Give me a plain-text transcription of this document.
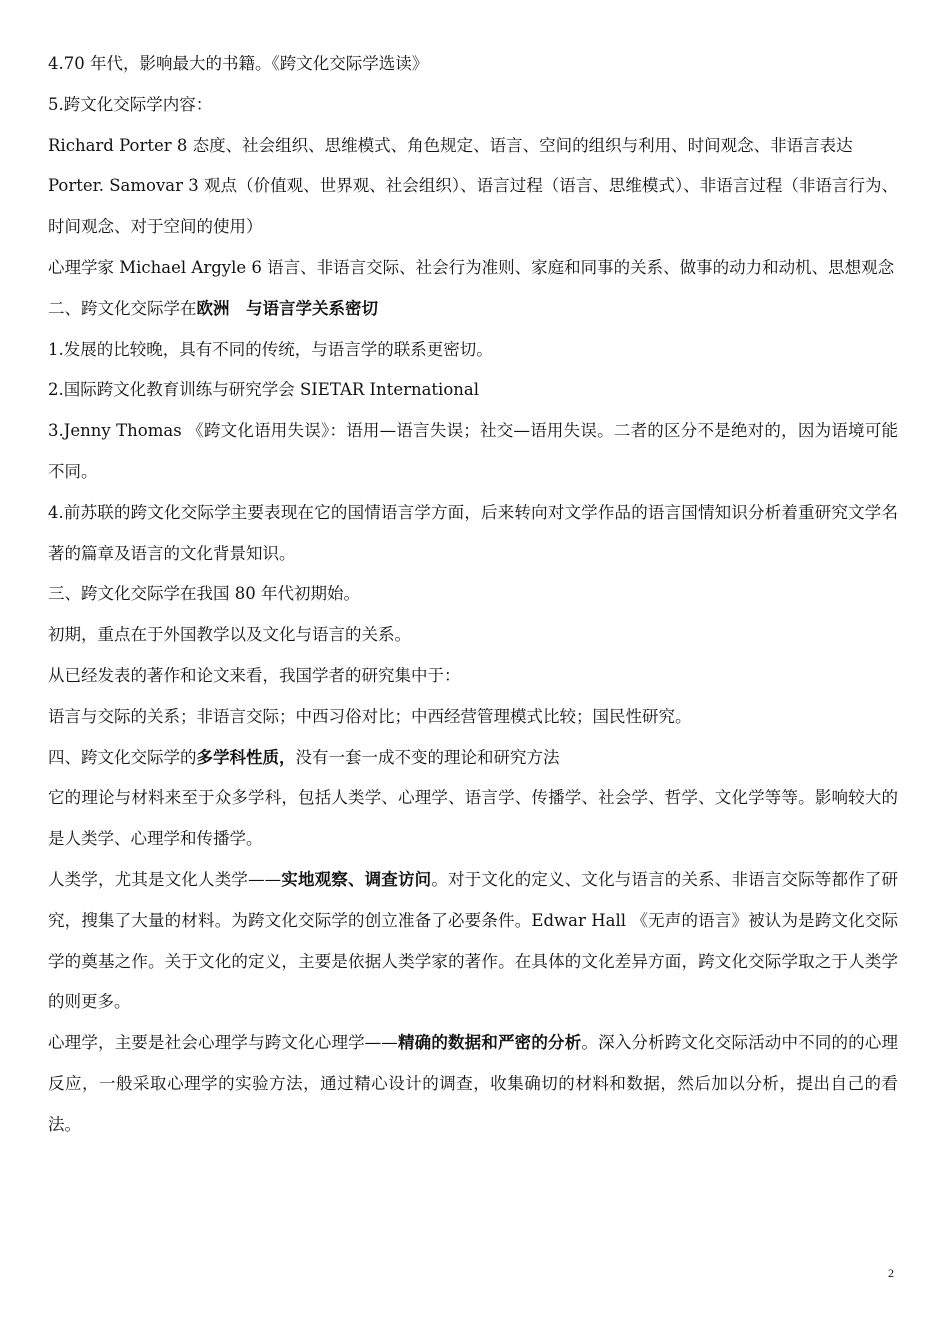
4.70 年代，影响最大的书籍。《跨文化交际学选读》

5.跨文化交际学内容：

Richard Porter 8 态度、社会组织、思维模式、角色规定、语言、空间的组织与利用、时间观念、非语言表达

Porter. Samovar 3 观点（价值观、世界观、社会组织）、语言过程（语言、思维模式）、非语言过程（非语言行为、时间观念、对于空间的使用）

心理学家 Michael Argyle 6 语言、非语言交际、社会行为准则、家庭和同事的关系、做事的动力和动机、思想观念

二、跨文化交际学在欧洲　与语言学关系密切

1.发展的比较晚，具有不同的传统，与语言学的联系更密切。

2.国际跨文化教育训练与研究学会 SIETAR International

3.Jenny Thomas 《跨文化语用失误》：语用—语言失误；社交—语用失误。二者的区分不是绝对的，因为语境可能不同。

4.前苏联的跨文化交际学主要表现在它的国情语言学方面，后来转向对文学作品的语言国情知识分析着重研究文学名著的篇章及语言的文化背景知识。

三、跨文化交际学在我国 80 年代初期始。

初期，重点在于外国教学以及文化与语言的关系。

从已经发表的著作和论文来看，我国学者的研究集中于：

语言与交际的关系；非语言交际；中西习俗对比；中西经营管理模式比较；国民性研究。

四、跨文化交际学的多学科性质，没有一套一成不变的理论和研究方法

它的理论与材料来至于众多学科，包括人类学、心理学、语言学、传播学、社会学、哲学、文化学等等。影响较大的是人类学、心理学和传播学。

人类学，尤其是文化人类学——实地观察、调查访问。对于文化的定义、文化与语言的关系、非语言交际等都作了研究，搜集了大量的材料。为跨文化交际学的创立准备了必要条件。Edwar Hall 《无声的语言》被认为是跨文化交际学的奠基之作。关于文化的定义，主要是依据人类学家的著作。在具体的文化差异方面，跨文化交际学取之于人类学的则更多。

心理学，主要是社会心理学与跨文化心理学——精确的数据和严密的分析。深入分析跨文化交际活动中不同的的心理反应，一般采取心理学的实验方法，通过精心设计的调查，收集确切的材料和数据，然后加以分析，提出自己的看法。

2
